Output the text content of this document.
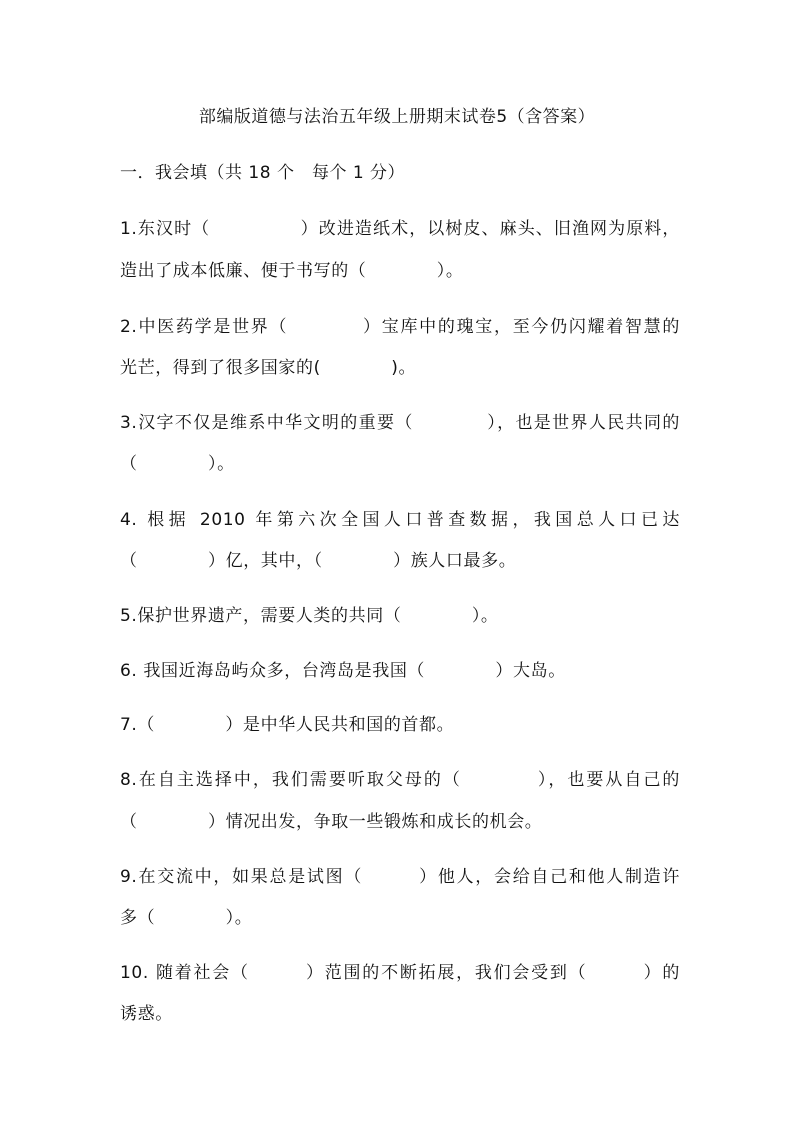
部编版道德与法治五年级上册期末试卷5（含答案）
一．我会填（共 18 个　每个 1 分）
1.东汉时（　　　　　）改进造纸术，以树皮、麻头、旧渔网为原料，
造出了成本低廉、便于书写的（　　　　）。
2.中医药学是世界（　　　　）宝库中的瑰宝，至今仍闪耀着智慧的
光芒，得到了很多国家的(　　　　)。
3.汉字不仅是维系中华文明的重要（　　　　），也是世界人民共同的
（　　　　）。
4. 根据 2010 年第六次全国人口普查数据，我国总人口已达
（　　　　）亿，其中，（　　　　）族人口最多。
5.保护世界遗产，需要人类的共同（　　　　）。
6. 我国近海岛屿众多，台湾岛是我国（　　　　）大岛。
7.（　　　　）是中华人民共和国的首都。
8.在自主选择中，我们需要听取父母的（　　　　），也要从自己的
（　　　　）情况出发，争取一些锻炼和成长的机会。
9.在交流中，如果总是试图（　　　）他人，会给自己和他人制造许
多（　　　　）。
10. 随着社会（　　　）范围的不断拓展，我们会受到（　　　）的
诱惑。
